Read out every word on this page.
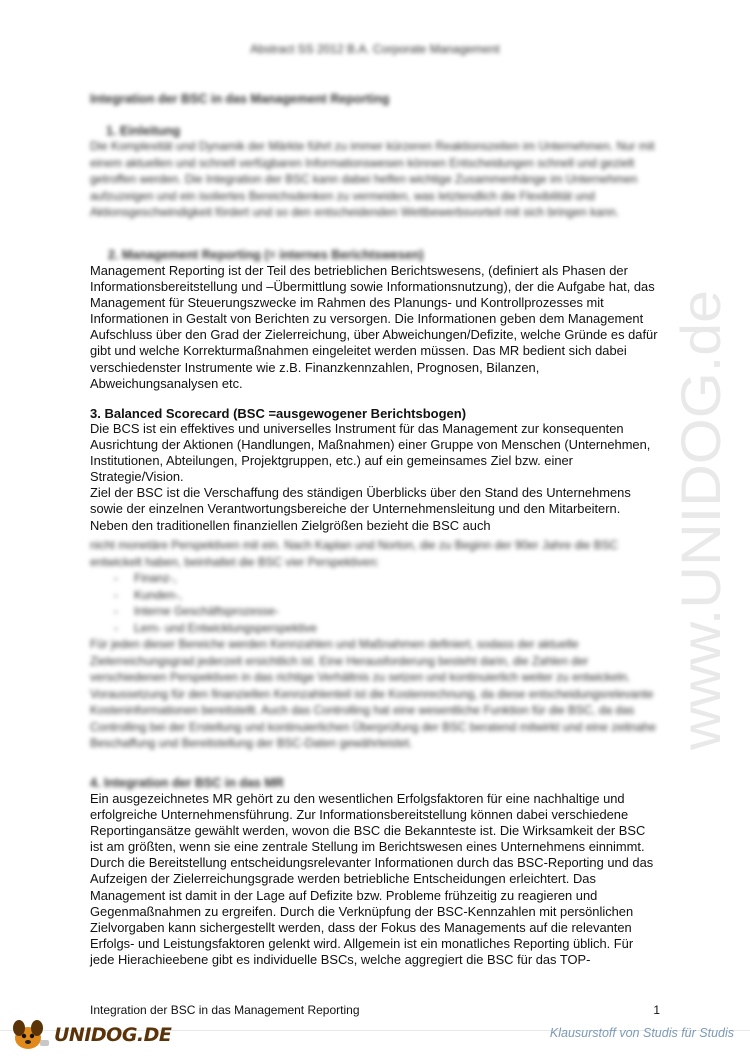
Abstract SS 2012 B.A. Corporate Management
Integration der BSC in das Management Reporting

1. Einleitung

Die Komplexität und Dynamik der Märkte führt zu immer kürzeren Reaktionszeiten im Unternehmen. Nur mit einem aktuellen und schnell verfügbaren Informationswesen können Entscheidungen schnell und gezielt getroffen werden. Die Integration der BSC kann dabei helfen wichtige Zusammenhänge im Unternehmen aufzuzeigen und ein isoliertes Bereichsdenken zu vermeiden, was letztendlich die Flexibilität und Aktionsgeschwindigkeit fördert und so den entscheidenden Wettbewerbsvorteil mit sich bringen kann.

2. Management Reporting (= internes Berichtswesen)

Management Reporting ist der Teil des betrieblichen Berichtswesens, (definiert als Phasen der Informationsbereitstellung und –Übermittlung sowie Informationsnutzung), der die Aufgabe hat, das Management für Steuerungszwecke im Rahmen des Planungs- und Kontrollprozesses mit Informationen in Gestalt von Berichten zu versorgen. Die Informationen geben dem Management Aufschluss über den Grad der Zielerreichung, über Abweichungen/Defizite, welche Gründe es dafür gibt und welche Korrekturmaßnahmen eingeleitet werden müssen. Das MR bedient sich dabei verschiedenster Instrumente wie z.B. Finanzkennzahlen, Prognosen, Bilanzen, Abweichungsanalysen etc.

3. Balanced Scorecard (BSC =ausgewogener Berichtsbogen)

Die BCS ist ein effektives und universelles Instrument für das Management zur konsequenten Ausrichtung der Aktionen (Handlungen, Maßnahmen) einer Gruppe von Menschen (Unternehmen, Institutionen, Abteilungen, Projektgruppen, etc.) auf ein gemeinsames Ziel bzw. einer Strategie/Vision.

Ziel der BSC ist die Verschaffung des ständigen Überblicks über den Stand des Unternehmens sowie der einzelnen Verantwortungsbereiche der Unternehmensleitung und den Mitarbeitern. Neben den traditionellen finanziellen Zielgrößen bezieht die BSC auch

nicht monetäre Perspektiven mit ein. Nach Kaplan und Norton, die zu Beginn der 90er Jahre die BSC entwickelt haben, beinhaltet die BSC vier Perspektiven:

- Finanz-,
- Kunden-,
- Interne Geschäftsprozesse-
- Lern- und Entwicklungsperspektive

Für jeden dieser Bereiche werden Kennzahlen und Maßnahmen definiert, sodass der aktuelle Zielerreichungsgrad jederzeit ersichtlich ist. Eine Herausforderung besteht darin, die Zahlen der verschiedenen Perspektiven in das richtige Verhältnis zu setzen und kontinuierlich weiter zu entwickeln. Voraussetzung für den finanziellen Kennzahlenteil ist die Kostenrechnung, da diese entscheidungsrelevante Kosteninformationen bereitstellt. Auch das Controlling hat eine wesentliche Funktion für die BSC, da das Controlling bei der Erstellung und kontinuierlichen Überprüfung der BSC beratend mitwirkt und eine zeitnahe Beschaffung und Bereitstellung der BSC-Daten gewährleistet.

4. Integration der BSC in das MR

Ein ausgezeichnetes MR gehört zu den wesentlichen Erfolgsfaktoren für eine nachhaltige und erfolgreiche Unternehmensführung. Zur Informationsbereitstellung können dabei verschiedene Reportingansätze gewählt werden, wovon die BSC die Bekannteste ist. Die Wirksamkeit der BSC ist am größten, wenn sie eine zentrale Stellung im Berichtswesen eines Unternehmens einnimmt. Durch die Bereitstellung entscheidungsrelevanter Informationen durch das BSC-Reporting und das Aufzeigen der Zielerreichungsgrade werden betriebliche Entscheidungen erleichtert. Das Management ist damit in der Lage auf Defizite bzw. Probleme frühzeitig zu reagieren und Gegenmaßnahmen zu ergreifen. Durch die Verknüpfung der BSC-Kennzahlen mit persönlichen Zielvorgaben kann sichergestellt werden, dass der Fokus des Managements auf die relevanten Erfolgs- und Leistungsfaktoren gelenkt wird. Allgemein ist ein monatliches Reporting üblich. Für jede Hierachieebene gibt es individuelle BSCs, welche aggregiert die BSC für das TOP-

Integration der BSC in das Management Reporting	1
UNIDOG.DE	Klausurstoff von Studis für Studis
www.UNIDOG.de
